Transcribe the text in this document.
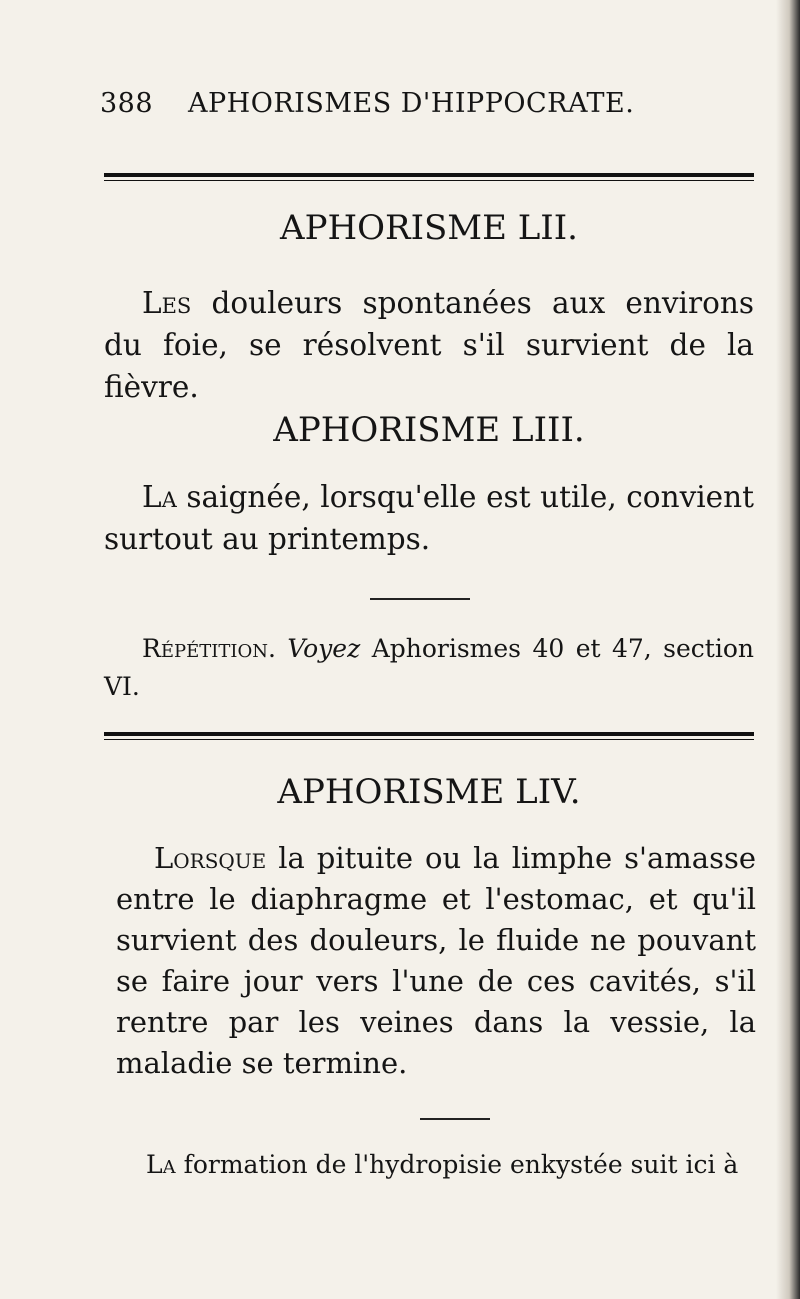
388 APHORISMES D'HIPPOCRATE.
APHORISME LII.
Les douleurs spontanées aux environs du foie, se résolvent s'il survient de la fièvre.
APHORISME LIII.
La saignée, lorsqu'elle est utile, convient surtout au printemps.
Répétition. Voyez Aphorismes 40 et 47, section VI.
APHORISME LIV.
Lorsque la pituite ou la limphe s'amasse entre le diaphragme et l'estomac, et qu'il survient des douleurs, le fluide ne pouvant se faire jour vers l'une de ces cavités, s'il rentre par les veines dans la vessie, la maladie se termine.
La formation de l'hydropisie enkystée suit ici à
